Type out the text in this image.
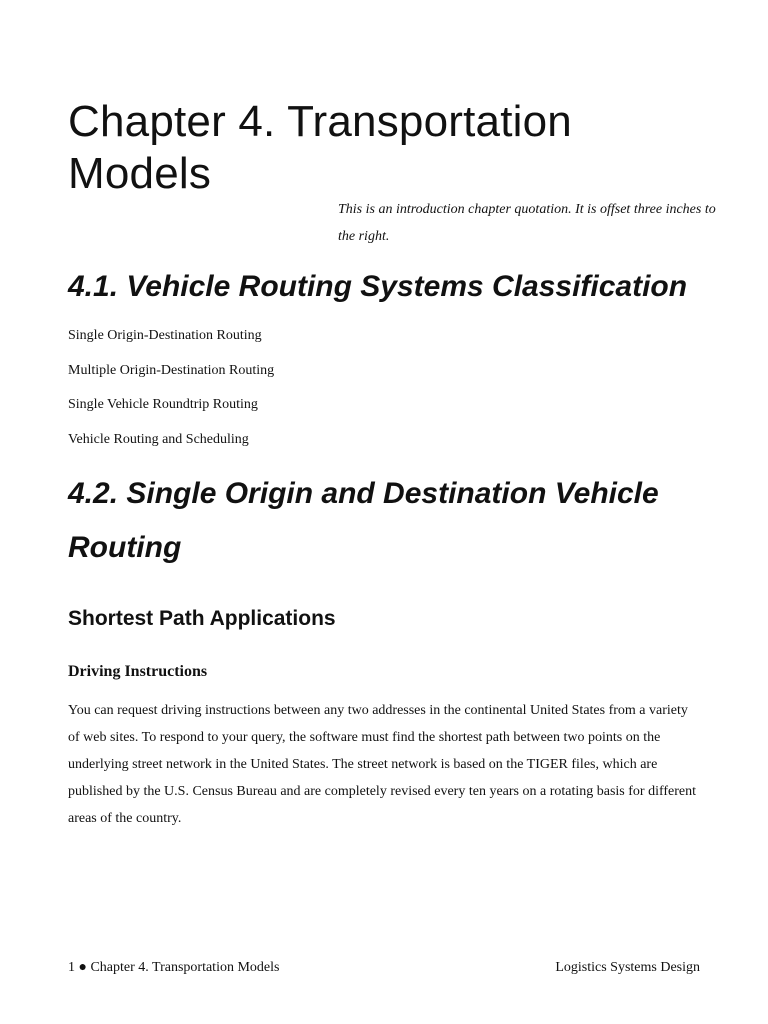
Chapter 4. Transportation Models

This is an introduction chapter quotation. It is offset three inches to the right.

4.1. Vehicle Routing Systems Classification
Single Origin-Destination Routing
Multiple Origin-Destination Routing
Single Vehicle Roundtrip Routing
Vehicle Routing and Scheduling
4.2. Single Origin and Destination Vehicle Routing
Shortest Path Applications
Driving Instructions

You can request driving instructions between any two addresses in the continental United States from a variety of web sites. To respond to your query, the software must find the shortest path between two points on the underlying street network in the United States. The street network is based on the TIGER files, which are published by the U.S. Census Bureau and are completely revised every ten years on a rotating basis for different areas of the country.

1 ● Chapter 4. Transportation Models	Logistics Systems Design
